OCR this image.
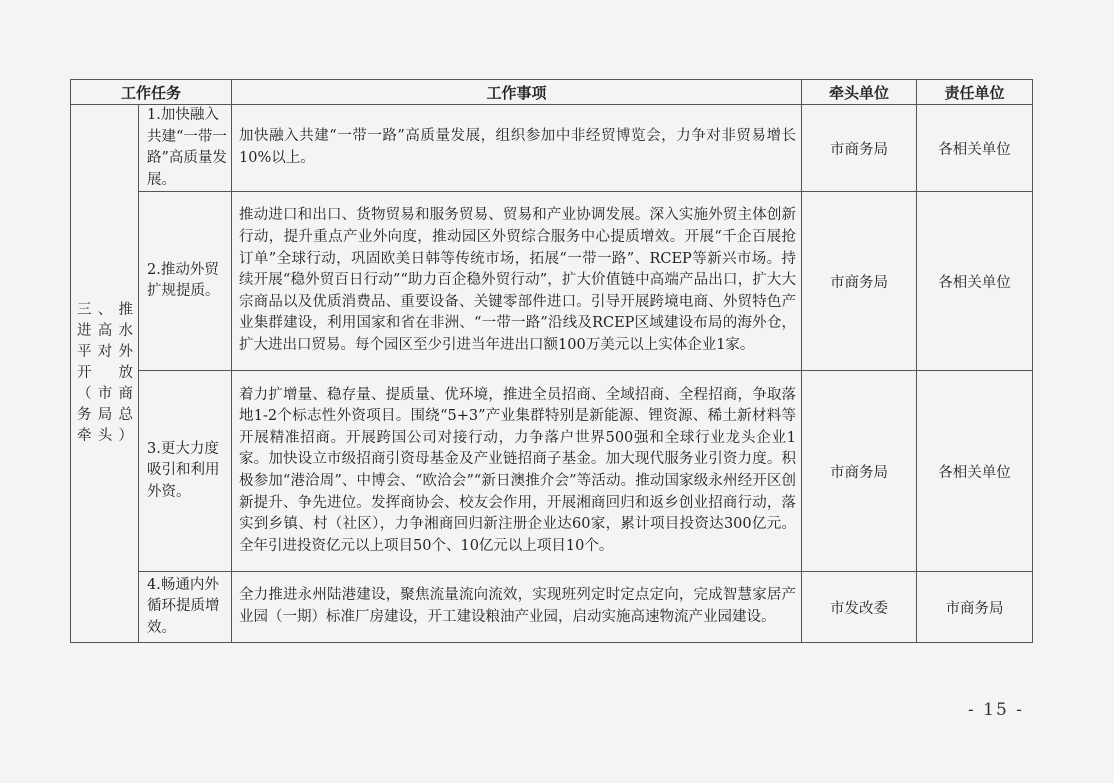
工作任务		工作事项	牵头单位	责任单位
三、推进高水平对外开放（市商务局总牵头）	1.加快融入共建“一带一路”高质量发展。	加快融入共建“一带一路”高质量发展，组织参加中非经贸博览会，力争对非贸易增长10%以上。	市商务局	各相关单位
	2.推动外贸扩规提质。	推动进口和出口、货物贸易和服务贸易、贸易和产业协调发展。深入实施外贸主体创新行动，提升重点产业外向度，推动园区外贸综合服务中心提质增效。开展“千企百展抢订单”全球行动，巩固欧美日韩等传统市场，拓展“一带一路”、RCEP等新兴市场。持续开展“稳外贸百日行动”“助力百企稳外贸行动”，扩大价值链中高端产品出口，扩大大宗商品以及优质消费品、重要设备、关键零部件进口。引导开展跨境电商、外贸特色产业集群建设，利用国家和省在非洲、“一带一路”沿线及RCEP区域建设布局的海外仓，扩大进出口贸易。每个园区至少引进当年进出口额100万美元以上实体企业1家。	市商务局	各相关单位
	3.更大力度吸引和利用外资。	着力扩增量、稳存量、提质量、优环境，推进全员招商、全域招商、全程招商，争取落地1-2个标志性外资项目。围绕“5+3”产业集群特别是新能源、锂资源、稀土新材料等开展精准招商。开展跨国公司对接行动，力争落户世界500强和全球行业龙头企业1家。加快设立市级招商引资母基金及产业链招商子基金。加大现代服务业引资力度。积极参加“港洽周”、中博会、“欧洽会”“新日澳推介会”等活动。推动国家级永州经开区创新提升、争先进位。发挥商协会、校友会作用，开展湘商回归和返乡创业招商行动，落实到乡镇、村（社区），力争湘商回归新注册企业达60家，累计项目投资达300亿元。全年引进投资亿元以上项目50个、10亿元以上项目10个。	市商务局	各相关单位
	4.畅通内外循环提质增效。	全力推进永州陆港建设，聚焦流量流向流效，实现班列定时定点定向，完成智慧家居产业园（一期）标准厂房建设，开工建设粮油产业园，启动实施高速物流产业园建设。	市发改委	市商务局
- 15 -
